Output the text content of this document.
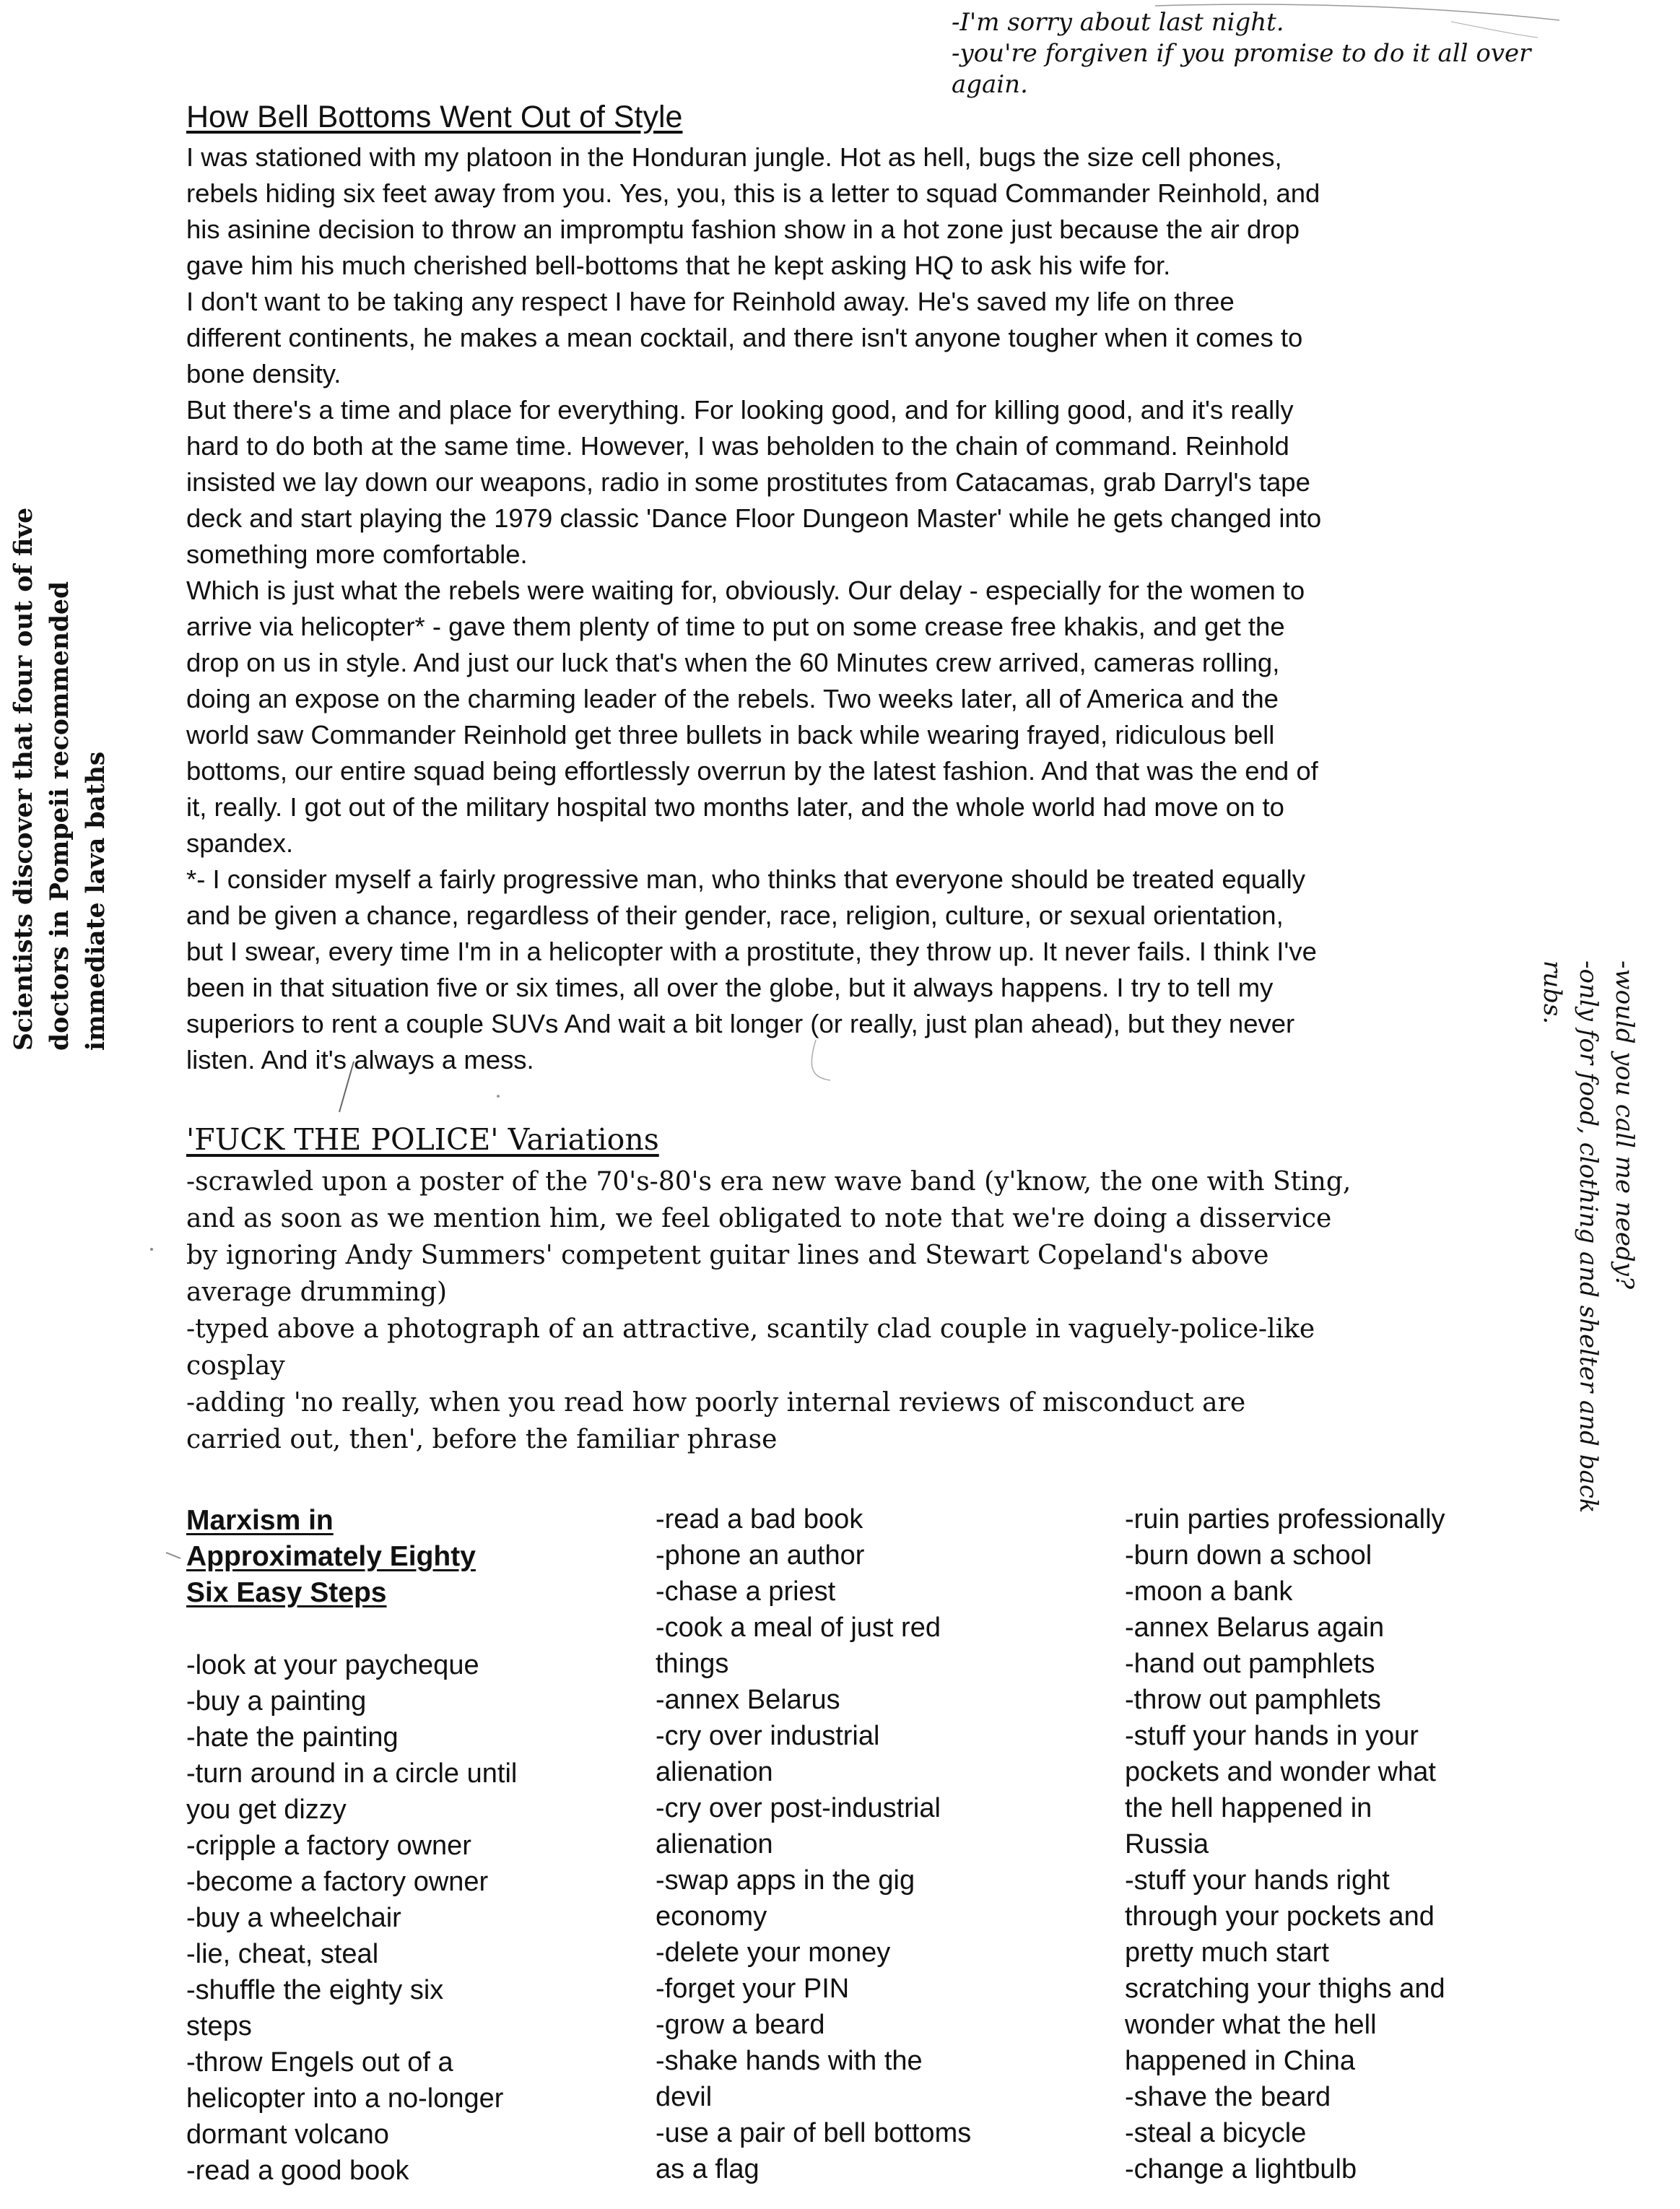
-I'm sorry about last night.
-you're forgiven if you promise to do it all over
again.
How Bell Bottoms Went Out of Style

I was stationed with my platoon in the Honduran jungle. Hot as hell, bugs the size cell phones,

rebels hiding six feet away from you. Yes, you, this is a letter to squad Commander Reinhold, and

his asinine decision to throw an impromptu fashion show in a hot zone just because the air drop

gave him his much cherished bell-bottoms that he kept asking HQ to ask his wife for.

I don't want to be taking any respect I have for Reinhold away. He's saved my life on three

different continents, he makes a mean cocktail, and there isn't anyone tougher when it comes to

bone density.

But there's a time and place for everything. For looking good, and for killing good, and it's really

hard to do both at the same time. However, I was beholden to the chain of command. Reinhold

insisted we lay down our weapons, radio in some prostitutes from Catacamas, grab Darryl's tape

deck and start playing the 1979 classic 'Dance Floor Dungeon Master' while he gets changed into

something more comfortable.

Which is just what the rebels were waiting for, obviously. Our delay - especially for the women to

arrive via helicopter* - gave them plenty of time to put on some crease free khakis, and get the

drop on us in style. And just our luck that's when the 60 Minutes crew arrived, cameras rolling,

doing an expose on the charming leader of the rebels. Two weeks later, all of America and the

world saw Commander Reinhold get three bullets in back while wearing frayed, ridiculous bell

bottoms, our entire squad being effortlessly overrun by the latest fashion. And that was the end of

it, really. I got out of the military hospital two months later, and the whole world had move on to

spandex.

*- I consider myself a fairly progressive man, who thinks that everyone should be treated equally

and be given a chance, regardless of their gender, race, religion, culture, or sexual orientation,

but I swear, every time I'm in a helicopter with a prostitute, they throw up. It never fails. I think I've

been in that situation five or six times, all over the globe, but it always happens. I try to tell my

superiors to rent a couple SUVs And wait a bit longer (or really, just plan ahead), but they never

listen. And it's always a mess.

'FUCK THE POLICE' Variations

-scrawled upon a poster of the 70's-80's era new wave band (y'know, the one with Sting,

and as soon as we mention him, we feel obligated to note that we're doing a disservice

by ignoring Andy Summers' competent guitar lines and Stewart Copeland's above

average drumming)

-typed above a photograph of an attractive, scantily clad couple in vaguely-police-like

cosplay

-adding 'no really, when you read how poorly internal reviews of misconduct are

carried out, then', before the familiar phrase

Marxism in
Approximately Eighty
Six Easy Steps
-look at your paycheque
-buy a painting
-hate the painting
-turn around in a circle until
you get dizzy
-cripple a factory owner
-become a factory owner
-buy a wheelchair
-lie, cheat, steal
-shuffle the eighty six
steps
-throw Engels out of a
helicopter into a no-longer
dormant volcano
-read a good book
-read a bad book
-phone an author
-chase a priest
-cook a meal of just red
things
-annex Belarus
-cry over industrial
alienation
-cry over post-industrial
alienation
-swap apps in the gig
economy
-delete your money
-forget your PIN
-grow a beard
-shake hands with the
devil
-use a pair of bell bottoms
as a flag
-ruin parties professionally
-burn down a school
-moon a bank
-annex Belarus again
-hand out pamphlets
-throw out pamphlets
-stuff your hands in your
pockets and wonder what
the hell happened in
Russia
-stuff your hands right
through your pockets and
pretty much start
scratching your thighs and
wonder what the hell
happened in China
-shave the beard
-steal a bicycle
-change a lightbulb
Scientists discover that four out of five doctors in Pompeii recommended immediate lava baths
-would you call me needy?
-only for food, clothing and shelter and back
rubs.
